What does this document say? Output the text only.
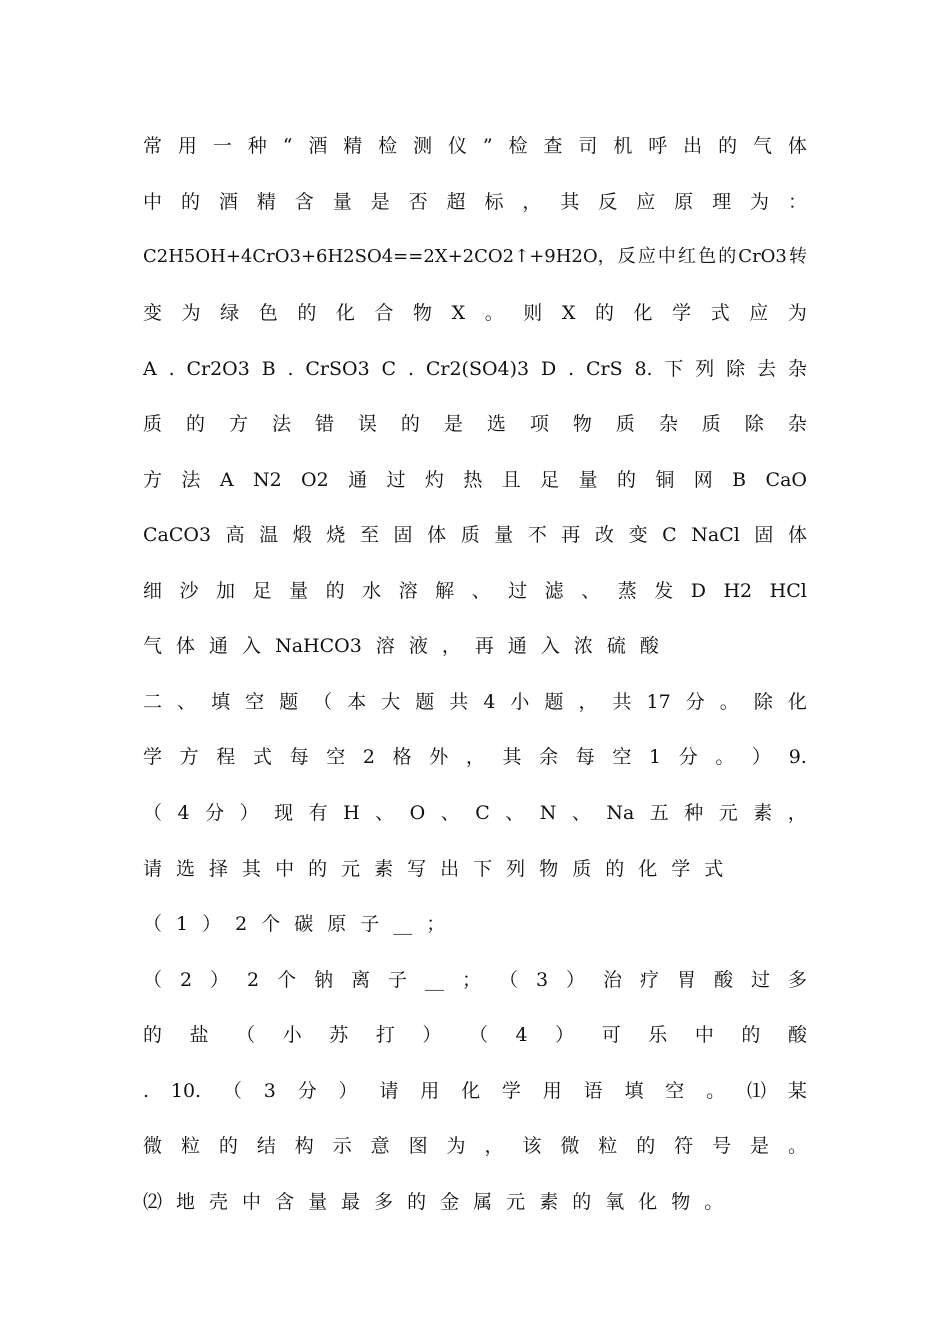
常 用 一 种 “ 酒 精 检 测 仪 ” 检 查 司 机 呼 出 的 气 体
中 的 酒 精 含 量 是 否 超 标 ， 其 反 应 原 理 为 ：
C2H5OH+4CrO3+6H2SO4==2X+2CO2↑+9H2O， 反 应 中 红 色 的 CrO3 转
变 为 绿 色 的 化 合 物 X 。 则 X 的 化 学 式 应 为
A . Cr2O3 B . CrSO3 C . Cr2(SO4)3 D . CrS 8. 下 列 除 去 杂
质 的 方 法 错 误 的 是 选 项 物 质 杂 质 除 杂
方 法 A N2 O2 通 过 灼 热 且 足 量 的 铜 网 B CaO
CaCO3 高 温 煅 烧 至 固 体 质 量 不 再 改 变 C NaCl 固 体
细 沙 加 足 量 的 水 溶 解 、 过 滤 、 蒸 发 D H2 HCl
气 体 通 入 NaHCO3 溶 液 ， 再 通 入 浓 硫 酸
二 、 填 空 题 （ 本 大 题 共 4 小 题 ， 共 17 分 。 除 化
学 方 程 式 每 空 2 格 外 ， 其 余 每 空 1 分 。 ） 9.
（ 4 分 ） 现 有 H 、 O 、 C 、 N 、 Na 五 种 元 素 ，
请 选 择 其 中 的 元 素 写 出 下 列 物 质 的 化 学 式
（ 1 ） 2 个 碳 原 子 __ ；
（ 2 ） 2 个 钠 离 子 __ ； （ 3 ） 治 疗 胃 酸 过 多
的 盐 （ 小 苏 打 ） （ 4 ） 可 乐 中 的 酸
. 10. （ 3 分 ） 请 用 化 学 用 语 填 空 。 ⑴ 某
微 粒 的 结 构 示 意 图 为 ， 该 微 粒 的 符 号 是 。
⑵ 地 壳 中 含 量 最 多 的 金 属 元 素 的 氧 化 物 。
